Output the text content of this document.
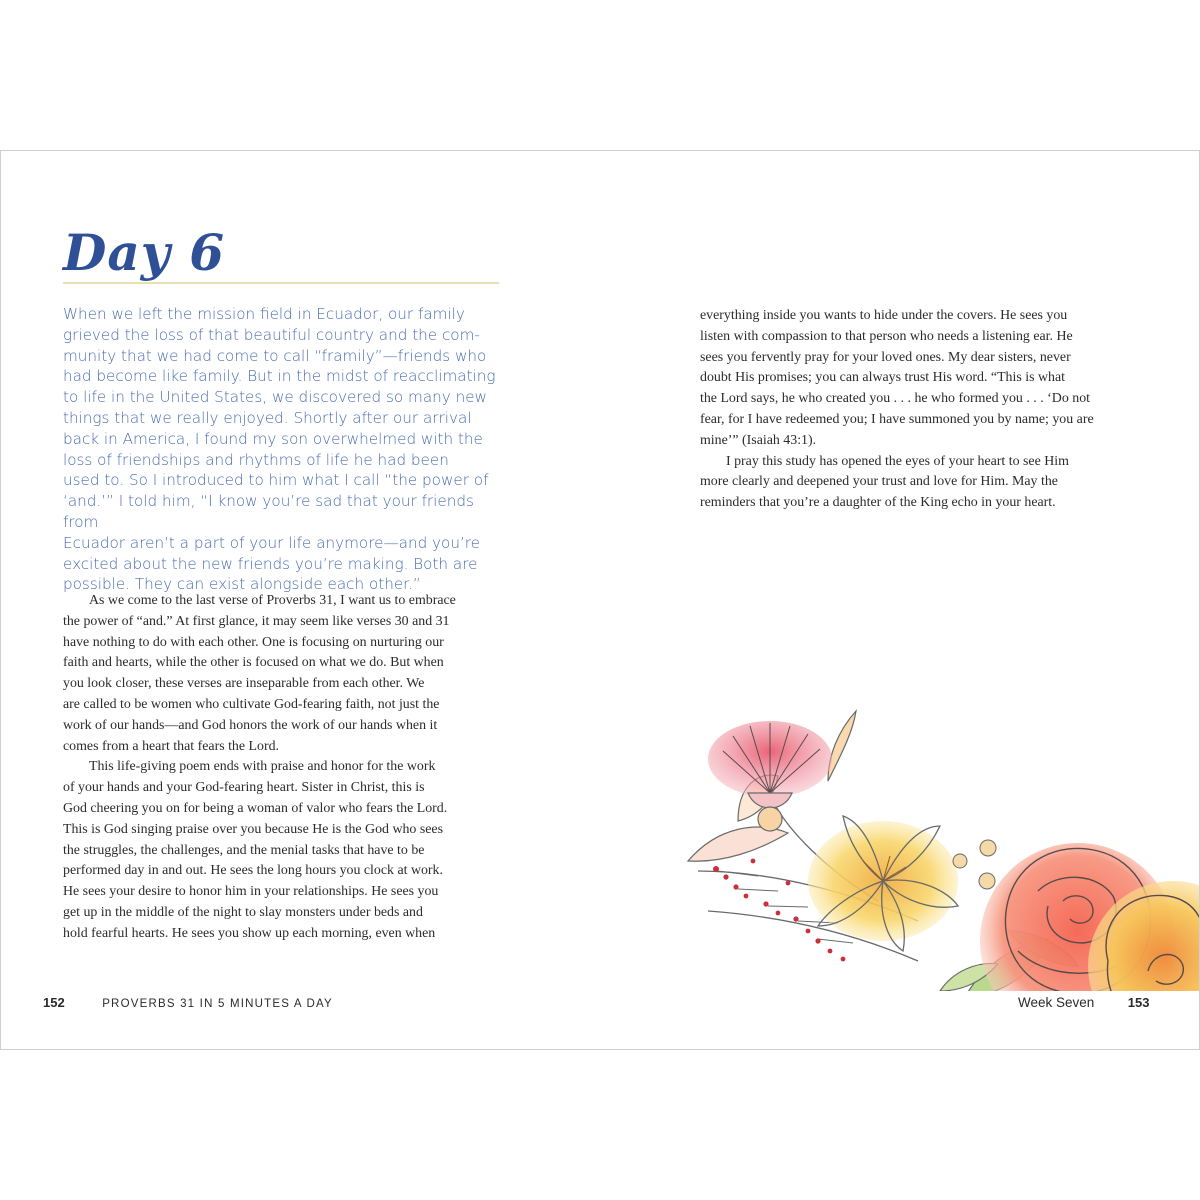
Day 6

When we left the mission field in Ecuador, our family
grieved the loss of that beautiful country and the com-
munity that we had come to call “framily”—friends who
had become like family. But in the midst of reacclimating
to life in the United States, we discovered so many new
things that we really enjoyed. Shortly after our arrival
back in America, I found my son overwhelmed with the
loss of friendships and rhythms of life he had been
used to. So I introduced to him what I call “the power of
‘and.’” I told him, “I know you’re sad that your friends from
Ecuador aren’t a part of your life anymore—and you’re
excited about the new friends you’re making. Both are
possible. They can exist alongside each other.”

As we come to the last verse of Proverbs 31, I want us to embrace
the power of “and.” At first glance, it may seem like verses 30 and 31
have nothing to do with each other. One is focusing on nurturing our
faith and hearts, while the other is focused on what we do. But when
you look closer, these verses are inseparable from each other. We
are called to be women who cultivate God-fearing faith, not just the
work of our hands—and God honors the work of our hands when it
comes from a heart that fears the Lord.

This life-giving poem ends with praise and honor for the work
of your hands and your God-fearing heart. Sister in Christ, this is
God cheering you on for being a woman of valor who fears the Lord.
This is God singing praise over you because He is the God who sees
the struggles, the challenges, and the menial tasks that have to be
performed day in and out. He sees the long hours you clock at work.
He sees your desire to honor him in your relationships. He sees you
get up in the middle of the night to slay monsters under beds and
hold fearful hearts. He sees you show up each morning, even when

152	PROVERBS 31 IN 5 MINUTES A DAY

everything inside you wants to hide under the covers. He sees you
listen with compassion to that person who needs a listening ear. He
sees you fervently pray for your loved ones. My dear sisters, never
doubt His promises; you can always trust His word. “This is what
the Lord says, he who created you . . . he who formed you . . . ‘Do not
fear, for I have redeemed you; I have summoned you by name; you are
mine’” (Isaiah 43:1).

I pray this study has opened the eyes of your heart to see Him
more clearly and deepened your trust and love for Him. May the
reminders that you’re a daughter of the King echo in your heart.

Week Seven	153
